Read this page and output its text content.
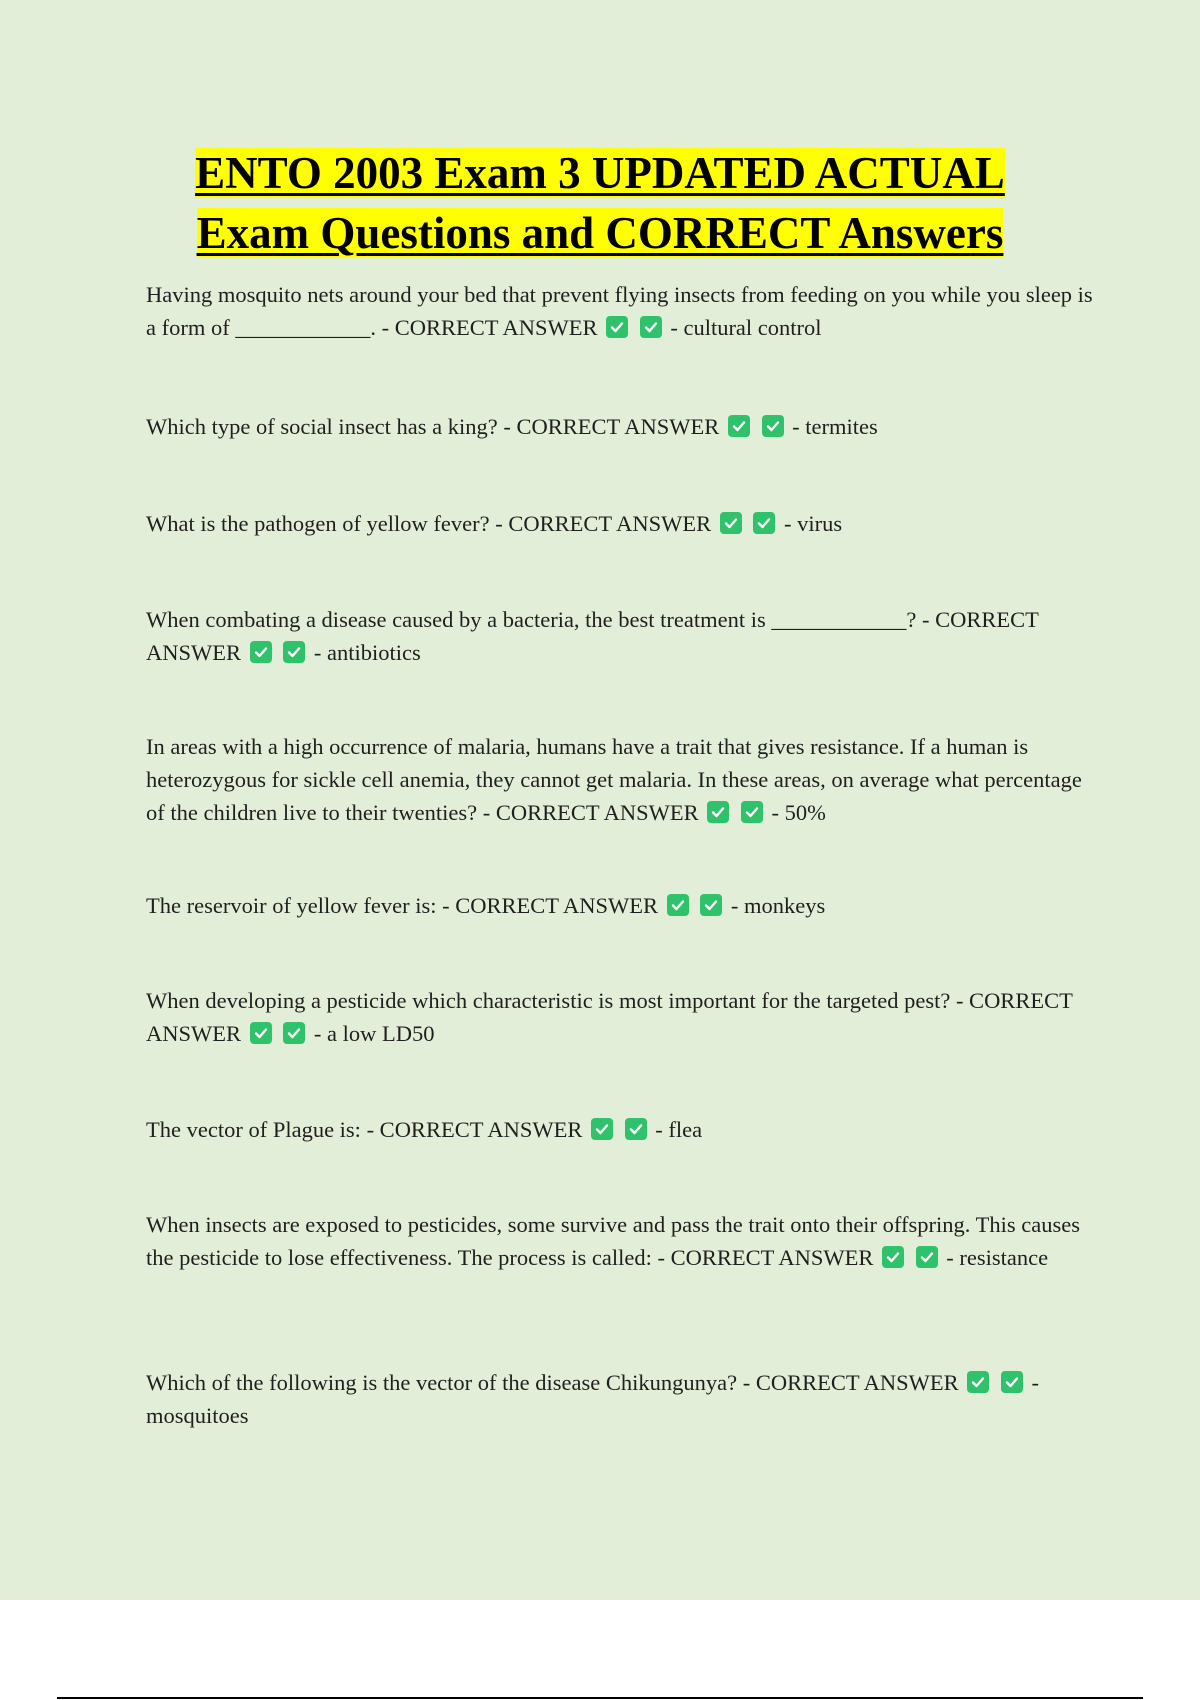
ENTO 2003 Exam 3 UPDATED ACTUAL
Exam Questions and CORRECT Answers

Having mosquito nets around your bed that prevent flying insects from feeding on you while you sleep is a form of ____________. - CORRECT ANSWER
	- cultural control

Which type of social insect has a king? - CORRECT ANSWER
	- termites

What is the pathogen of yellow fever? - CORRECT ANSWER
	- virus

When combating a disease caused by a bacteria, the best treatment is ____________? - CORRECT ANSWER
	- antibiotics

In areas with a high occurrence of malaria, humans have a trait that gives resistance. If a human is heterozygous for sickle cell anemia, they cannot get malaria. In these areas, on average what percentage of the children live to their twenties? - CORRECT ANSWER
	- 50%

The reservoir of yellow fever is: - CORRECT ANSWER
	- monkeys

When developing a pesticide which characteristic is most important for the targeted pest? - CORRECT ANSWER
	- a low LD50

The vector of Plague is: - CORRECT ANSWER
	- flea

When insects are exposed to pesticides, some survive and pass the trait onto their offspring. This causes the pesticide to lose effectiveness. The process is called: - CORRECT ANSWER
	- resistance

Which of the following is the vector of the disease Chikungunya? - CORRECT ANSWER
	- mosquitoes
